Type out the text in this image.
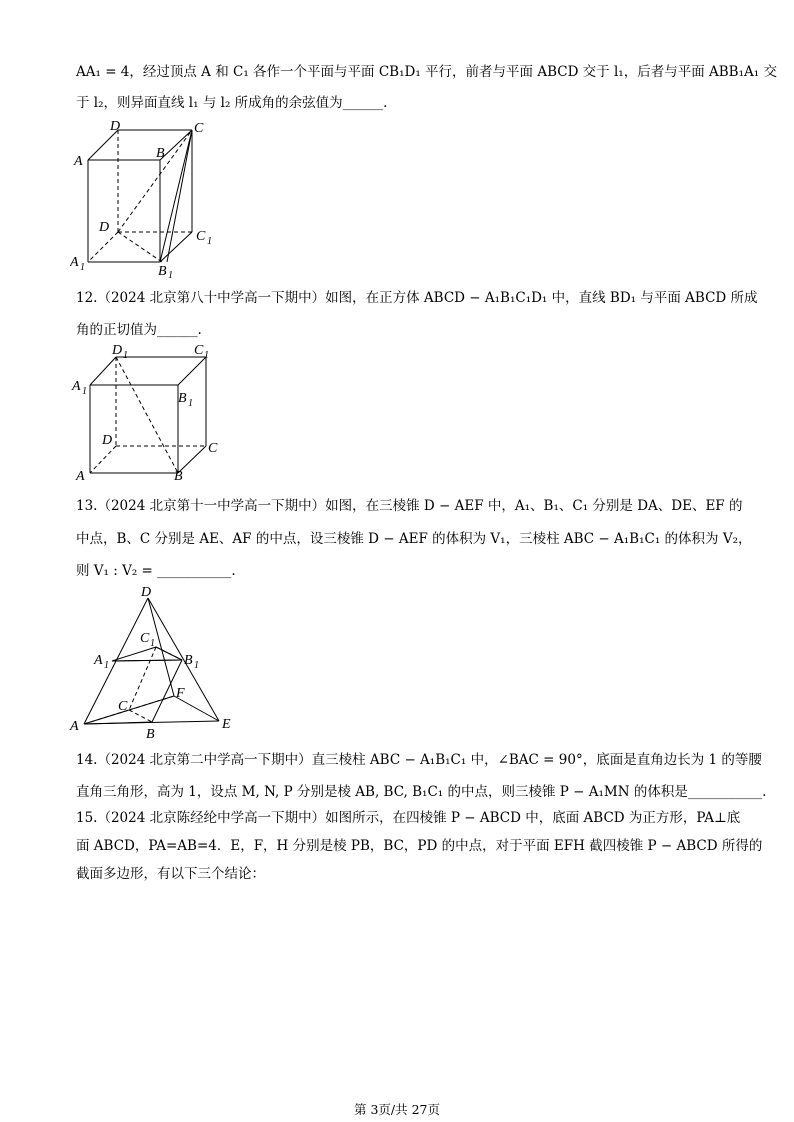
AA₁ = 4，经过顶点 A 和 C₁ 各作一个平面与平面 CB₁D₁ 平行，前者与平面 ABCD 交于 l₁，后者与平面 ABB₁A₁ 交
于 l₂，则异面直线 l₁ 与 l₂ 所成角的余弦值为______.
D	C
A
B
D
C 1
A 1	B 1
12.（2024 北京第八十中学高一下期中）如图，在正方体 ABCD − A₁B₁C₁D₁ 中，直线 BD₁ 与平面 ABCD 所成
角的正切值为______.
D 1	C 1
A 1	B 1
D
C
A	B
13.（2024 北京第十一中学高一下期中）如图，在三棱锥 D − AEF 中，A₁、B₁、C₁ 分别是 DA、DE、EF 的
中点，B、C 分别是 AE、AF 的中点，设三棱锥 D − AEF 的体积为 V₁，三棱柱 ABC − A₁B₁C₁ 的体积为 V₂，
则 V₁ : V₂ = ___________.
D
C 1
A 1	B 1
F
C
A	E
B
14.（2024 北京第二中学高一下期中）直三棱柱 ABC − A₁B₁C₁ 中，∠BAC = 90°，底面是直角边长为 1 的等腰
直角三角形，高为 1，设点 M, N, P 分别是棱 AB, BC, B₁C₁ 的中点，则三棱锥 P − A₁MN 的体积是___________.
15.（2024 北京陈经纶中学高一下期中）如图所示，在四棱锥 P − ABCD 中，底面 ABCD 为正方形，PA⊥底
面 ABCD，PA=AB=4．E，F，H 分别是棱 PB，BC，PD 的中点，对于平面 EFH 截四棱锥 P − ABCD 所得的
截面多边形，有以下三个结论：
第 3页/共 27页
